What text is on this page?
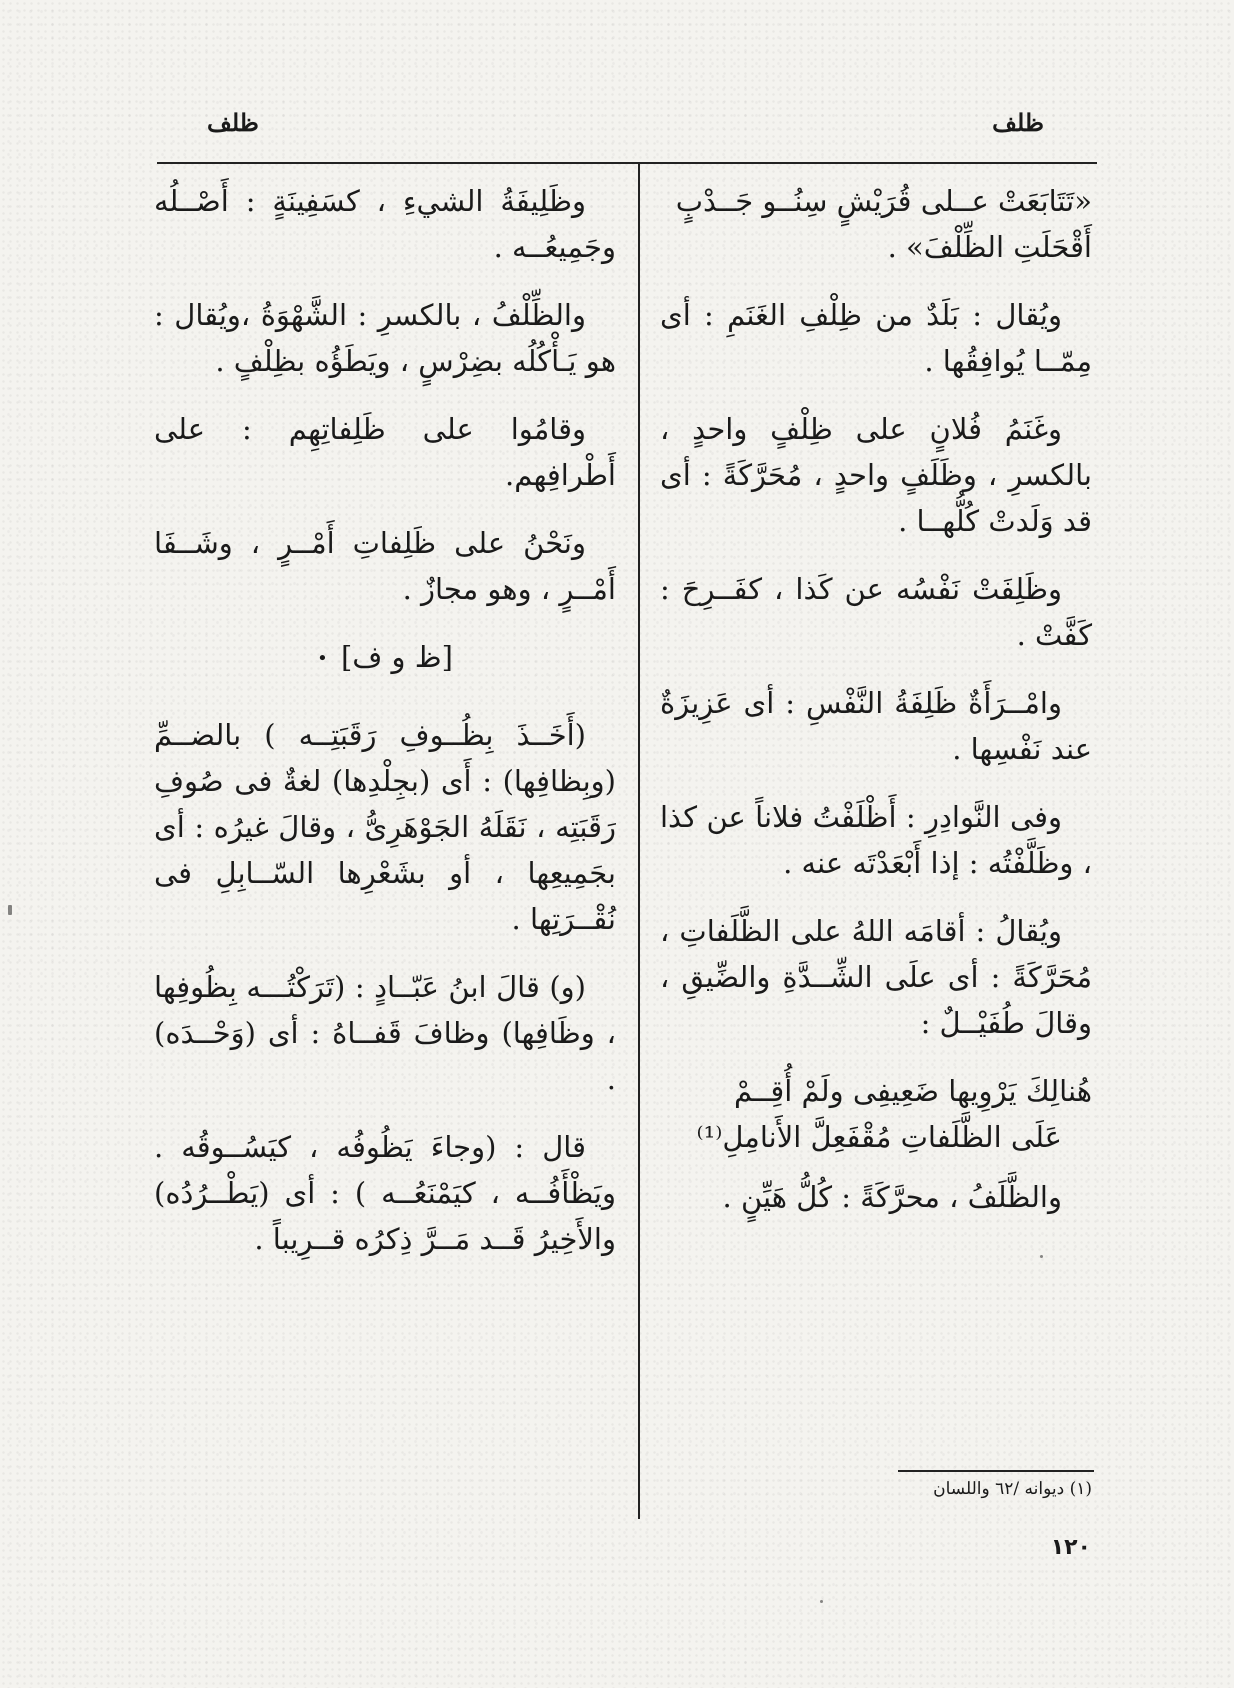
ظلف
ظلف
«تَتَابَعَتْ عــلى قُرَيْشٍ سِنُــو جَــدْبٍ
أَقْحَلَتِ الظِّلْفَ» .

ويُقال : بَلَدٌ من ظِلْفِ الغَنَمِ : أى مِمّــا يُوافِقُها .

وغَنَمُ فُلانٍ على ظِلْفٍ واحدٍ ، بالكسرِ ، وظَلَفٍ واحدٍ ، مُحَرَّكَةً : أى قد وَلَدتْ كُلُّهــا .

وظَلِفَتْ نَفْسُه عن كَذا ، كفَــرِحَ : كَفَّتْ .

وامْــرَأَةٌ ظَلِفَةُ النَّفْسِ : أى عَزِيزَةٌ عند نَفْسِها .

وفى النَّوادِرِ : أَظْلَفْتُ فلاناً عن كذا ، وظَلَّفْتُه : إذا أَبْعَدْتَه عنه .

ويُقالُ : أقامَه اللهُ على الظَّلَفاتِ ، مُحَرَّكَةً : أى علَى الشِّــدَّةِ والضِّيقِ ، وقالَ طُفَيْــلٌ :

هُنالِكَ يَرْوِيها ضَعِيفِى ولَمْ أُقِــمْ
عَلَى الظَّلَفاتِ مُقْفَعِلَّ الأَنامِلِ⁽¹⁾

والظَّلَفُ ، محرَّكَةً : كُلُّ هَيِّنٍ .

وظَلِيفَةُ الشيءِ ، كسَفِينَةٍ : أَصْــلُه وجَمِيعُــه .

والظِّلْفُ ، بالكسرِ : الشَّهْوَةُ ،ويُقال : هو يَـأْكُلُه بضِرْسٍ ، ويَطَؤُه بظِلْفٍ .

وقامُوا على ظَلِفاتِهِم : على أَطْرافِهم.

ونَحْنُ على ظَلِفاتِ أَمْــرٍ ، وشَــفَا أَمْــرٍ ، وهو مجازٌ .

[ظ و ف] •

(أَخَــذَ بِظُــوفِ رَقَبَتِــه ) بالضــمِّ (وبِظافِها) : أَى (بجِلْدِها) لغةٌ فى صُوفِ رَقَبَتِه ، نَقَلَهُ الجَوْهَرِىُّ ، وقالَ غيرُه : أى بجَمِيعِها ، أو بشَعْرِها السّــابِلِ فى نُقْــرَتِها .

(و) قالَ ابنُ عَبّــادٍ : (تَرَكْتُـــه بِظُوفِها ، وظَافِها) وظافَ قَفــاهُ : أى (وَحْــدَه) .

قال : (وجاءَ يَظُوفُه ، كيَسُــوقُه . ويَظْأَفُــه ، كيَمْنَعُــه ) : أى (يَطْــرُدُه) والأَخِيرُ قَــد مَــرَّ ذِكرُه قــرِيباً .

(١) ديوانه /٦٢ واللسان
١٢٠
